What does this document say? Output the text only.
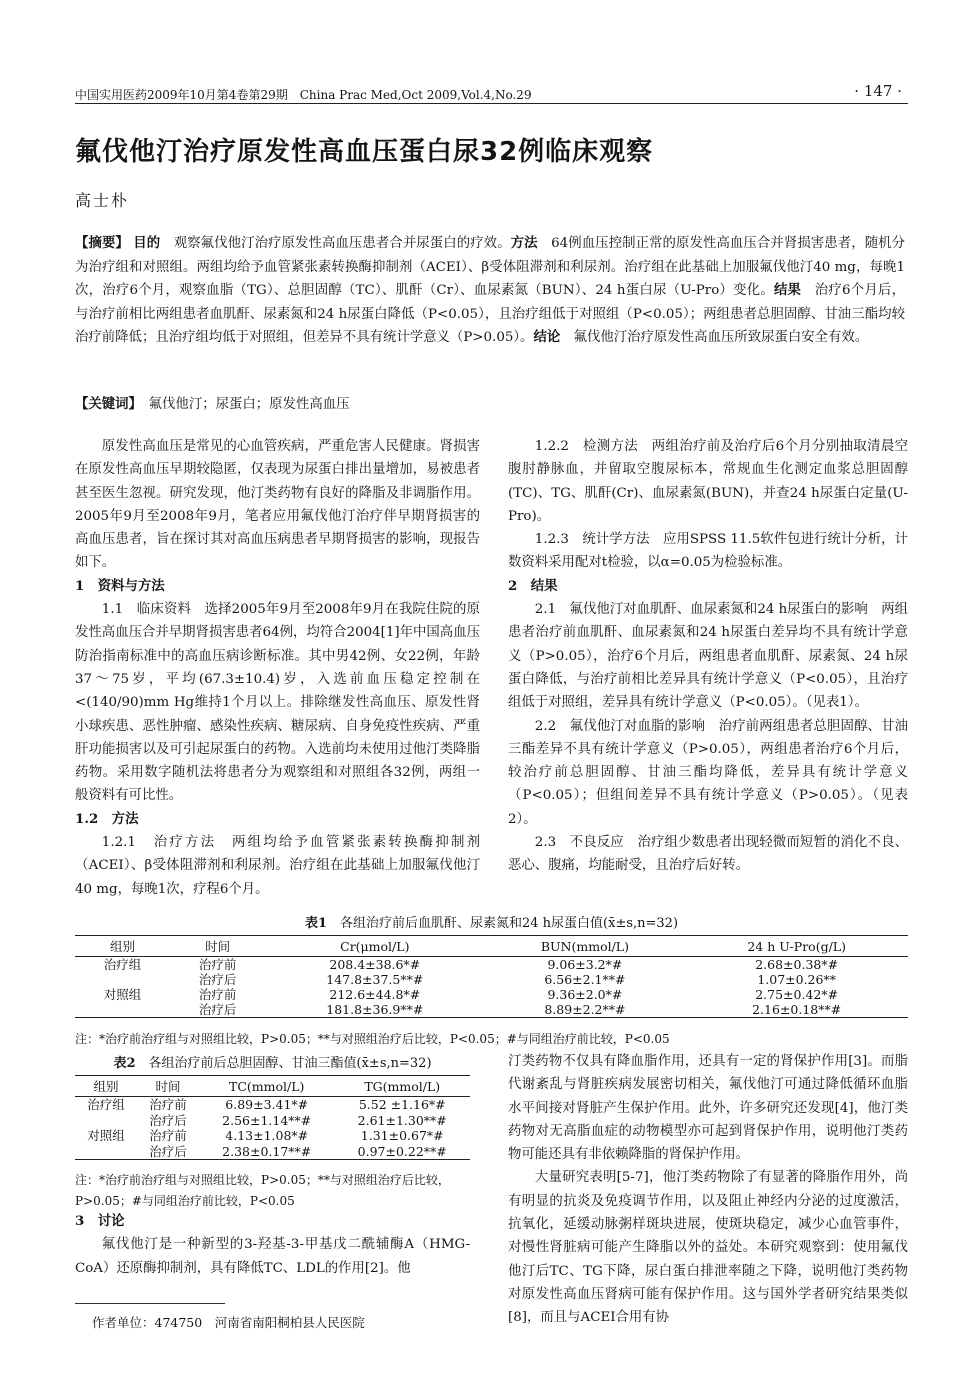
中国实用医药2009年10月第4卷第29期　China Prac Med,Oct 2009,Vol.4,No.29	· 147 ·
氟伐他汀治疗原发性高血压蛋白尿32例临床观察
高士朴
【摘要】 目的　观察氟伐他汀治疗原发性高血压患者合并尿蛋白的疗效。方法　64例血压控制正常的原发性高血压合并肾损害患者，随机分为治疗组和对照组。两组均给予血管紧张素转换酶抑制剂（ACEI）、β受体阻滞剂和利尿剂。治疗组在此基础上加服氟伐他汀40 mg，每晚1次，治疗6个月，观察血脂（TG）、总胆固醇（TC）、肌酐（Cr）、血尿素氮（BUN）、24 h蛋白尿（U-Pro）变化。结果　治疗6个月后，与治疗前相比两组患者血肌酐、尿素氮和24 h尿蛋白降低（P<0.05），且治疗组低于对照组（P<0.05）；两组患者总胆固醇、甘油三酯均较治疗前降低；且治疗组均低于对照组，但差异不具有统计学意义（P>0.05）。结论　氟伐他汀治疗原发性高血压所致尿蛋白安全有效。
【关键词】　氟伐他汀；尿蛋白；原发性高血压

原发性高血压是常见的心血管疾病，严重危害人民健康。肾损害在原发性高血压早期较隐匿，仅表现为尿蛋白排出量增加，易被患者甚至医生忽视。研究发现，他汀类药物有良好的降脂及非调脂作用。2005年9月至2008年9月，笔者应用氟伐他汀治疗伴早期肾损害的高血压患者，旨在探讨其对高血压病患者早期肾损害的影响，现报告如下。

1　资料与方法

1.1　临床资料　选择2005年9月至2008年9月在我院住院的原发性高血压合并早期肾损害患者64例，均符合2004[1]年中国高血压防治指南标准中的高血压病诊断标准。其中男42例、女22例，年龄37～75岁，平均(67.3±10.4)岁，入选前血压稳定控制在<(140/90)mm Hg维持1个月以上。排除继发性高血压、原发性肾小球疾患、恶性肿瘤、感染性疾病、糖尿病、自身免疫性疾病、严重肝功能损害以及可引起尿蛋白的药物。入选前均未使用过他汀类降脂药物。采用数字随机法将患者分为观察组和对照组各32例，两组一般资料有可比性。

1.2　方法

1.2.1　治疗方法　两组均给予血管紧张素转换酶抑制剂（ACEI）、β受体阻滞剂和利尿剂。治疗组在此基础上加服氟伐他汀40 mg，每晚1次，疗程6个月。

1.2.2　检测方法　两组治疗前及治疗后6个月分别抽取清晨空腹肘静脉血，并留取空腹尿标本，常规血生化测定血浆总胆固醇(TC)、TG、肌酐(Cr)、血尿素氮(BUN)，并查24 h尿蛋白定量(U-Pro)。

1.2.3　统计学方法　应用SPSS 11.5软件包进行统计分析，计数资料采用配对t检验，以α=0.05为检验标准。

2　结果

2.1　氟伐他汀对血肌酐、血尿素氮和24 h尿蛋白的影响　两组患者治疗前血肌酐、血尿素氮和24 h尿蛋白差异均不具有统计学意义（P>0.05），治疗6个月后，两组患者血肌酐、尿素氮、24 h尿蛋白降低，与治疗前相比差异具有统计学意义（P<0.05），且治疗组低于对照组，差异具有统计学意义（P<0.05）。（见表1）。

2.2　氟伐他汀对血脂的影响　治疗前两组患者总胆固醇、甘油三酯差异不具有统计学意义（P>0.05），两组患者治疗6个月后，较治疗前总胆固醇、甘油三酯均降低，差异具有统计学意义（P<0.05）；但组间差异不具有统计学意义（P>0.05）。（见表2）。

2.3　不良反应　治疗组少数患者出现轻微而短暂的消化不良、恶心、腹痛，均能耐受，且治疗后好转。

表1　各组治疗前后血肌酐、尿素氮和24 h尿蛋白值(x̄±s,n=32)
组别	时间	Cr(μmol/L)	BUN(mmol/L)	24 h U-Pro(g/L)
治疗组	治疗前	208.4±38.6*#	9.06±3.2*#	2.68±0.38*#
	治疗后	147.8±37.5**#	6.56±2.1**#	1.07±0.26**
对照组	治疗前	212.6±44.8*#	9.36±2.0*#	2.75±0.42*#
	治疗后	181.8±36.9**#	8.89±2.2**#	2.16±0.18**#
注：*治疗前治疗组与对照组比较，P>0.05；**与对照组治疗后比较，P<0.05；#与同组治疗前比较，P<0.05
表2　各组治疗前后总胆固醇、甘油三酯值(x̄±s,n=32)
组别	时间	TC(mmol/L)	TG(mmol/L)
治疗组	治疗前	6.89±3.41*#	5.52 ±1.16*#
	治疗后	2.56±1.14**#	2.61±1.30**#
对照组	治疗前	4.13±1.08*#	1.31±0.67*#
	治疗后	2.38±0.17**#	0.97±0.22**#
注：*治疗前治疗组与对照组比较，P>0.05；**与对照组治疗后比较，P>0.05；#与同组治疗前比较，P<0.05
3　讨论

氟伐他汀是一种新型的3-羟基-3-甲基戊二酰辅酶A（HMG-CoA）还原酶抑制剂，具有降低TC、LDL的作用[2]。他

汀类药物不仅具有降血脂作用，还具有一定的肾保护作用[3]。而脂代谢紊乱与肾脏疾病发展密切相关，氟伐他汀可通过降低循环血脂水平间接对肾脏产生保护作用。此外，许多研究还发现[4]，他汀类药物对无高脂血症的动物模型亦可起到肾保护作用，说明他汀类药物可能还具有非依赖降脂的肾保护作用。

大量研究表明[5-7]，他汀类药物除了有显著的降脂作用外，尚有明显的抗炎及免疫调节作用，以及阻止神经内分泌的过度激活，抗氧化，延缓动脉粥样斑块进展，使斑块稳定，减少心血管事件，对慢性肾脏病可能产生降脂以外的益处。本研究观察到：使用氟伐他汀后TC、TG下降，尿白蛋白排泄率随之下降，说明他汀类药物对原发性高血压肾病可能有保护作用。这与国外学者研究结果类似[8]，而且与ACEI合用有协

作者单位：474750　河南省南阳桐柏县人民医院
